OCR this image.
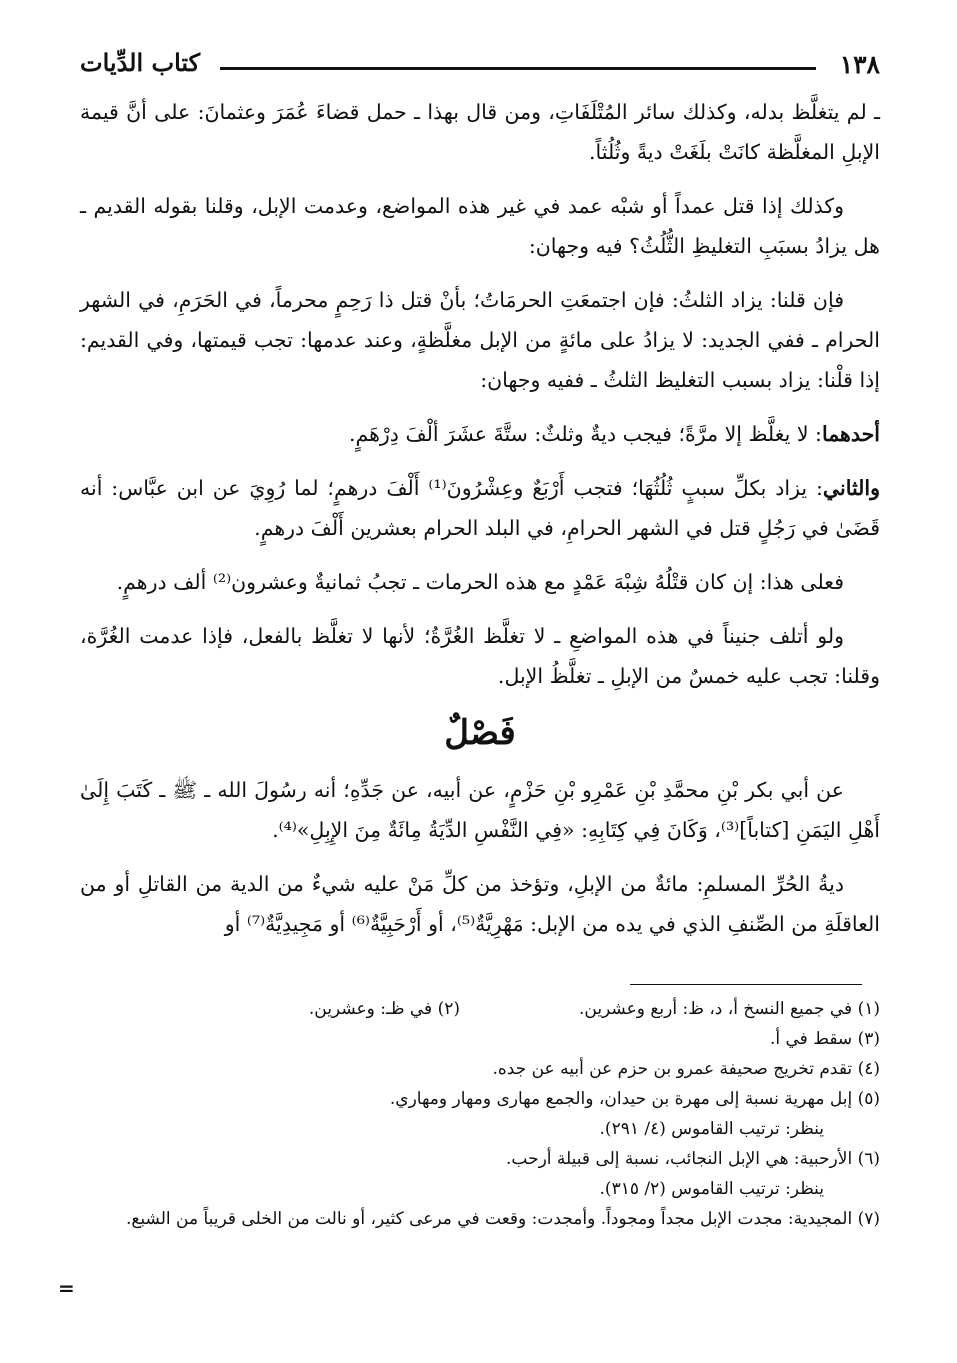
١٣٨
كتاب الدِّيات

ـ لم يتغلَّظ بدله، وكذلك سائر المُتْلَفَاتِ، ومن قال بهذا ـ حمل قضاءَ عُمَرَ وعثمانَ: على أنَّ قيمة الإبلِ المغلَّظة كانَتْ بلَغَتْ ديةً وثُلُثاً.

وكذلك إذا قتل عمداً أو شبْه عمد في غير هذه المواضع، وعدمت الإبل، وقلنا بقوله القديم ـ هل يزادُ بسبَبِ التغليظِ الثُّلُثُ؟ فيه وجهان:

فإن قلنا: يزاد الثلثُ: فإن اجتمعَتِ الحرمَاتُ؛ بأنْ قتل ذا رَحِمٍ محرماً، في الحَرَمِ، في الشهر الحرام ـ ففي الجديد: لا يزادُ على مائةٍ من الإبل مغلَّظةٍ، وعند عدمها: تجب قيمتها، وفي القديم: إذا قلْنا: يزاد بسبب التغليظ الثلثُ ـ ففيه وجهان:

أحدهما: لا يغلَّظ إلا مرَّةً؛ فيجب ديةٌ وثلثٌ: ستَّةَ عشَرَ ألْفَ دِرْهَمٍ.

والثاني: يزاد بكلِّ سببٍ ثُلُثُهَا؛ فتجب أَرْبَعٌ وعِشْرُونَ⁽¹⁾ أَلْفَ درهمٍ؛ لما رُوِيَ عن ابن عبَّاس: أنه قَضَىٰ في رَجُلٍ قتل في الشهر الحرامِ، في البلد الحرام بعشرين أَلْفَ درهمٍ.

فعلى هذا: إن كان قتْلُهُ شِبْهَ عَمْدٍ مع هذه الحرمات ـ تجبُ ثمانيةٌ وعشرون⁽²⁾ ألف درهمٍ.

ولو أتلف جنيناً في هذه المواضعِ ـ لا تغلَّظ الغُرَّةُ؛ لأنها لا تغلَّظ بالفعل، فإذا عدمت الغُرَّة، وقلنا: تجب عليه خمسٌ من الإبلِ ـ تغلَّظُ الإبل.

فَصْلٌ

عن أبي بكر بْنِ محمَّدِ بْنِ عَمْرِو بْنِ حَزْمٍ، عن أبيه، عن جَدِّهِ؛ أنه رسُولَ الله ـ ﷺ ـ كَتَبَ إِلَىٰ أَهْلِ اليَمَنِ [كتاباً]⁽³⁾، وَكَانَ فِي كِتَابِهِ: «فِي النَّفْسِ الدِّيَةُ مِائَةٌ مِنَ الإِبِلِ»⁽⁴⁾.

ديةُ الحُرِّ المسلمِ: مائةٌ من الإبلِ، وتؤخذ من كلِّ مَنْ عليه شيءٌ من الدية من القاتلِ أو من العاقلَةِ من الصِّنفِ الذي في يده من الإبل: مَهْرِيَّةٌ⁽⁵⁾، أو أَرْحَبِيَّةٌ⁽⁶⁾ أو مَجِيدِيَّةٌ⁽⁷⁾ أو

(١) في جميع النسخ أ، د، ظ: أربع وعشرين.

(٢) في ظـ: وعشرين.

(٣) سقط في أ.

(٤) تقدم تخريج صحيفة عمرو بن حزم عن أبيه عن جده.

(٥) إبل مهرية نسبة إلى مهرة بن حيدان، والجمع مهارى ومهار ومهاري.

ينظر: ترتيب القاموس (٤/ ٢٩١).

(٦) الأرحبية: هي الإبل النجائب، نسبة إلى قبيلة أرحب.

ينظر: ترتيب القاموس (٢/ ٣١٥).

(٧) المجيدية: مجدت الإبل مجداً ومجوداً. وأمجدت: وقعت في مرعى كثير، أو نالت من الخلى قريباً من الشبع.

=
